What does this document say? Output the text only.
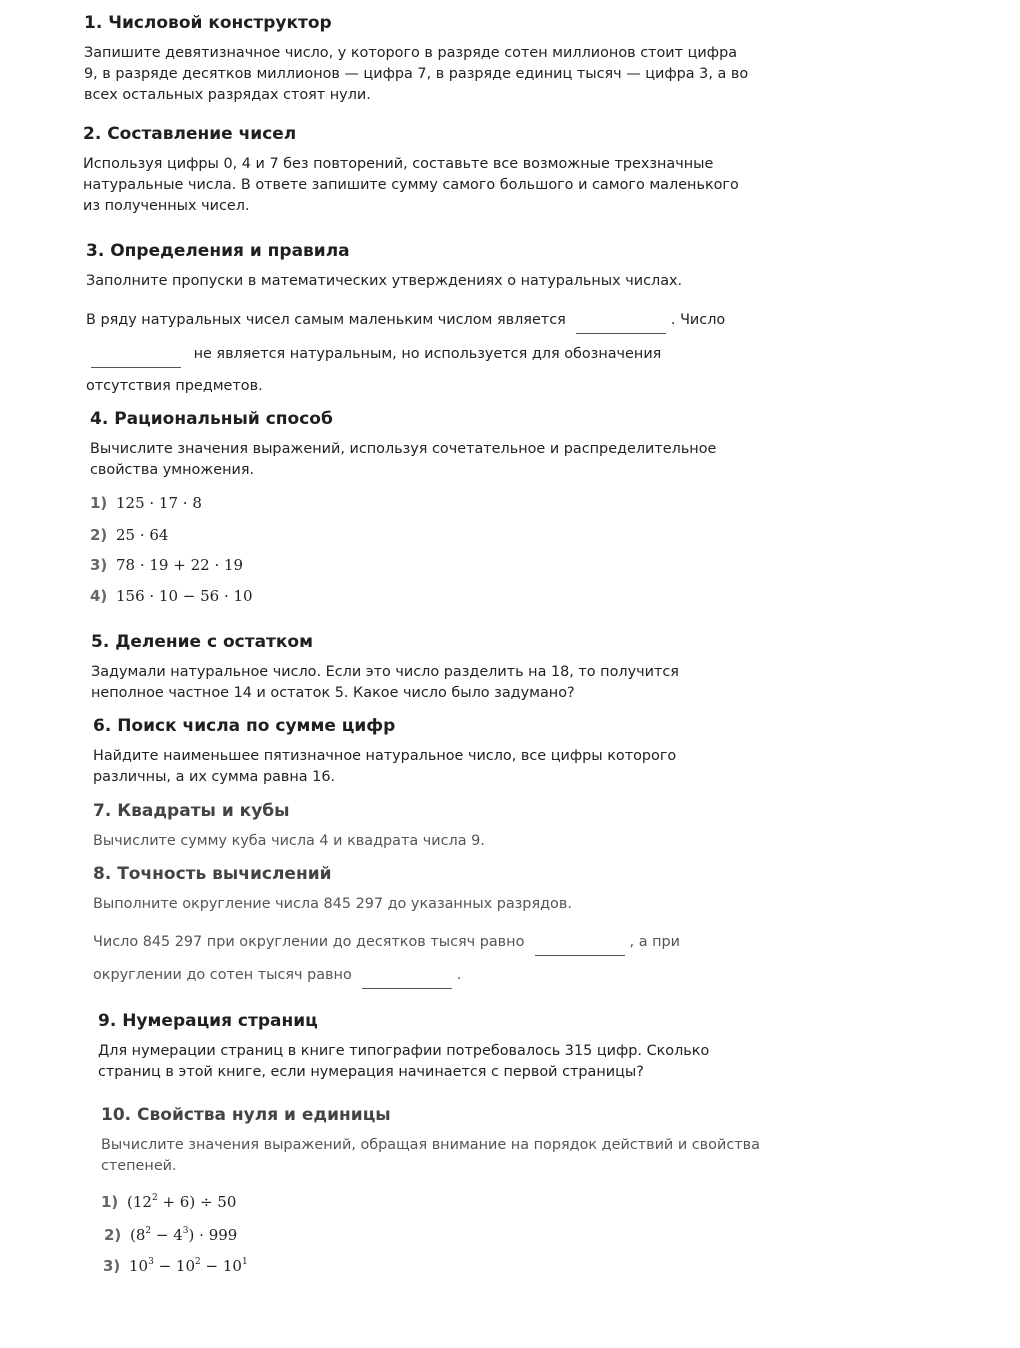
1. Числовой конструктор

Запишите девятизначное число, у которого в разряде сотен миллионов стоит цифра 9, в разряде десятков миллионов — цифра 7, в разряде единиц тысяч — цифра 3, а во всех остальных разрядах стоят нули.

2. Составление чисел

Используя цифры 0, 4 и 7 без повторений, составьте все возможные трехзначные натуральные числа. В ответе запишите сумму самого большого и самого маленького из полученных чисел.

3. Определения и правила

Заполните пропуски в математических утверждениях о натуральных числах.

В ряду натуральных чисел самым маленьким числом является	. Число
не является натуральным, но используется для обозначения
отсутствия предметов.
4. Рациональный способ

Вычислите значения выражений, используя сочетательное и распределительное свойства умножения.

1) 125 · 17 · 8
2) 25 · 64
3) 78 · 19 + 22 · 19
4) 156 · 10 − 56 · 10
5. Деление с остатком

Задумали натуральное число. Если это число разделить на 18, то получится неполное частное 14 и остаток 5. Какое число было задумано?

6. Поиск числа по сумме цифр

Найдите наименьшее пятизначное натуральное число, все цифры которого различны, а их сумма равна 16.

7. Квадраты и кубы

Вычислите сумму куба числа 4 и квадрата числа 9.

8. Точность вычислений

Выполните округление числа 845 297 до указанных разрядов.

Число 845 297 при округлении до десятков тысяч равно	, а при
округлении до сотен тысяч равно	.
9. Нумерация страниц

Для нумерации страниц в книге типографии потребовалось 315 цифр. Сколько страниц в этой книге, если нумерация начинается с первой страницы?

10. Свойства нуля и единицы

Вычислите значения выражений, обращая внимание на порядок действий и свойства степеней.

1) $(12^2 + 6) \div 50$
2) $(8^2 - 4^3) \cdot 999$
3) $10^3 - 10^2 - 10^1$
